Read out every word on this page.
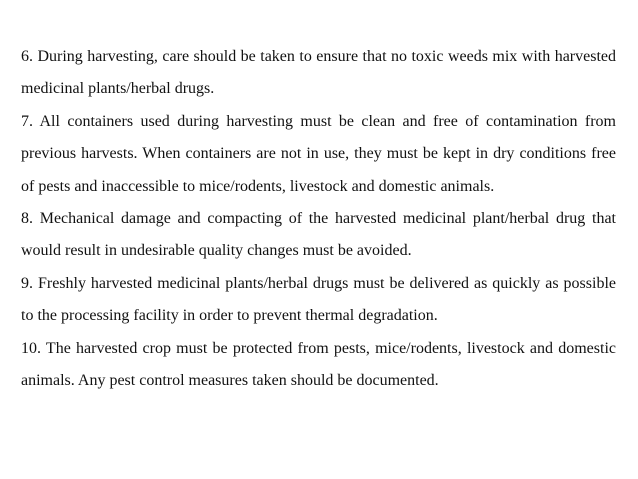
6. During harvesting, care should be taken to ensure that no toxic weeds mix with harvested medicinal plants/herbal drugs.

7. All containers used during harvesting must be clean and free of contamination from previous harvests. When containers are not in use, they must be kept in dry conditions free of pests and inaccessible to mice/rodents, livestock and domestic animals.

8. Mechanical damage and compacting of the harvested medicinal plant/herbal drug that would result in undesirable quality changes must be avoided.

9. Freshly harvested medicinal plants/herbal drugs must be delivered as quickly as possible to the processing facility in order to prevent thermal degradation.

10. The harvested crop must be protected from pests, mice/rodents, livestock and domestic animals. Any pest control measures taken should be documented.
